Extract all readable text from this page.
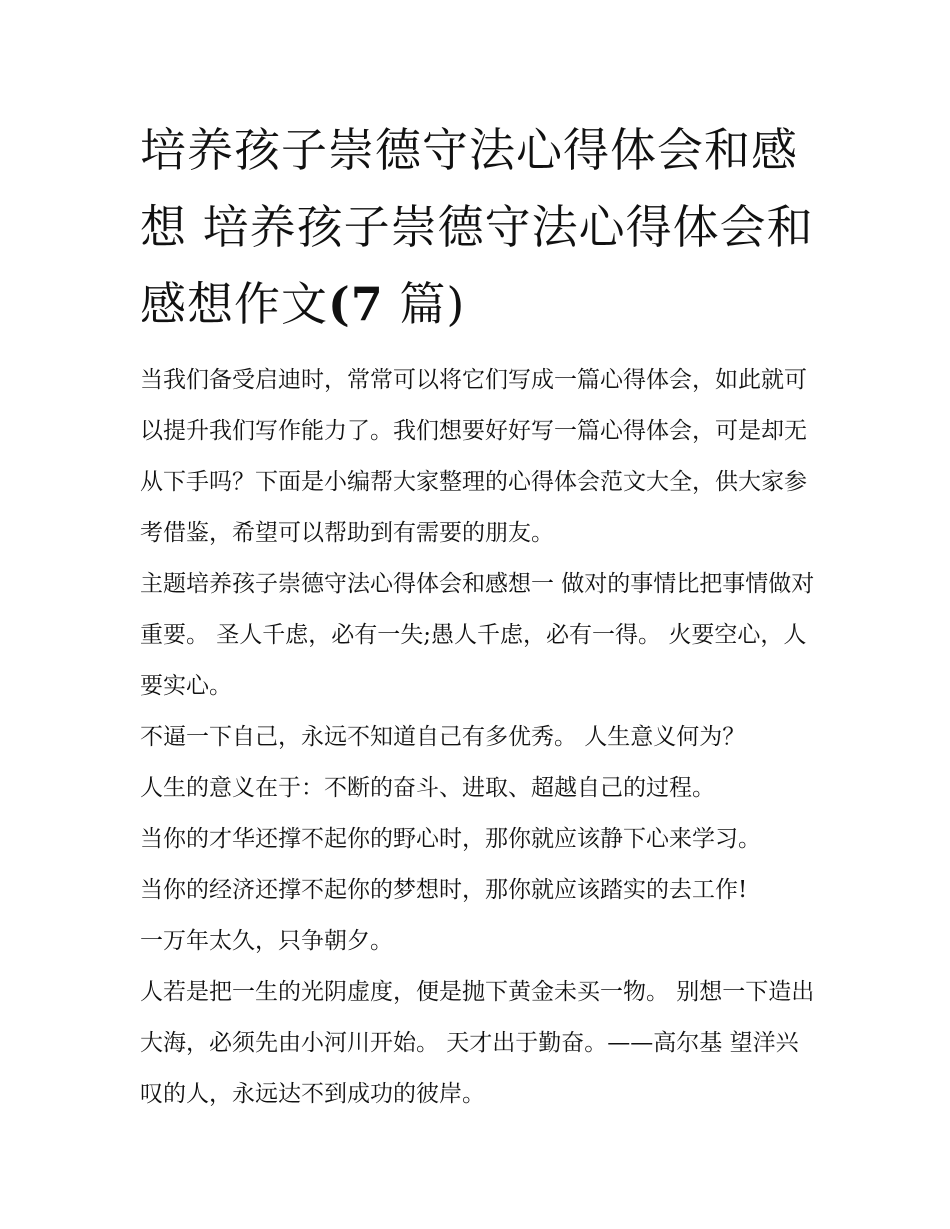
培养孩子崇德守法心得体会和感想 培养孩子崇德守法心得体会和感想作文(7 篇)

当我们备受启迪时，常常可以将它们写成一篇心得体会，如此就可以提升我们写作能力了。我们想要好好写一篇心得体会，可是却无从下手吗？下面是小编帮大家整理的心得体会范文大全，供大家参考借鉴，希望可以帮助到有需要的朋友。

主题培养孩子崇德守法心得体会和感想一 做对的事情比把事情做对重要。 圣人千虑，必有一失;愚人千虑，必有一得。 火要空心，人要实心。

不逼一下自己，永远不知道自己有多优秀。 人生意义何为？

人生的意义在于：不断的奋斗、进取、超越自己的过程。

当你的才华还撑不起你的野心时，那你就应该静下心来学习。

当你的经济还撑不起你的梦想时，那你就应该踏实的去工作!

一万年太久，只争朝夕。

人若是把一生的光阴虚度，便是抛下黄金未买一物。 别想一下造出大海，必须先由小河川开始。 天才出于勤奋。——高尔基 望洋兴叹的人，永远达不到成功的彼岸。
